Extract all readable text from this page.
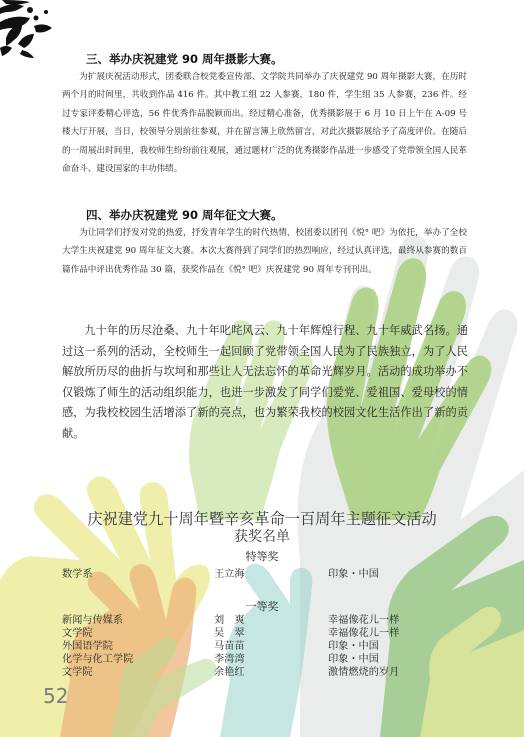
三、举办庆祝建党 90 周年摄影大赛。
为扩展庆祝活动形式，团委联合校党委宣传部、文学院共同举办了庆祝建党 90 周年摄影大赛，在历时两个月的时间里，共收到作品 416 件。其中教工组 22 人参赛，180 件，学生组 35 人参赛，236 件。经过专家评委精心评选，56 件优秀作品脱颖而出。经过精心准备，优秀摄影展于 6 月 10 日上午在 A-09 号楼大厅开展，当日，校领导分别前往参观，并在留言簿上欣然留言，对此次摄影展给予了高度评价。在随后的一周展出时间里，我校师生纷纷前往观展，通过题材广泛的优秀摄影作品进一步感受了党带领全国人民革命奋斗、建设国家的丰功伟绩。
四、举办庆祝建党 90 周年征文大赛。
为让同学们抒发对党的热爱，抒发青年学生的时代热情，校团委以团刊《悦° 吧》为依托，举办了全校大学生庆祝建党 90 周年征文大赛。本次大赛得到了同学们的热烈响应，经过认真评选，最终从参赛的数百篇作品中评出优秀作品 30 篇，获奖作品在《悦° 吧》庆祝建党 90 周年专刊刊出。
九十年的历尽沧桑、九十年叱咤风云、九十年辉煌行程、九十年威武名扬。通过这一系列的活动，全校师生一起回顾了党带领全国人民为了民族独立，为了人民解放所历尽的曲折与坎坷和那些让人无法忘怀的革命光辉岁月。活动的成功举办不仅锻炼了师生的活动组织能力，也进一步激发了同学们爱党、爱祖国、爱母校的情感，为我校校园生活增添了新的亮点，也为繁荣我校的校园文化生活作出了新的贡献。
庆祝建党九十周年暨辛亥革命一百周年主题征文活动
获奖名单
特等奖
数学系	王立海	印象・中国
一等奖
新闻与传媒系	刘　爽	幸福像花儿一样
文学院	吴　翠	幸福像花儿一样
外国语学院	马苗苗	印象・中国
化学与化工学院	李湾湾	印象・中国
文学院	余艳红	激情燃烧的岁月
52
